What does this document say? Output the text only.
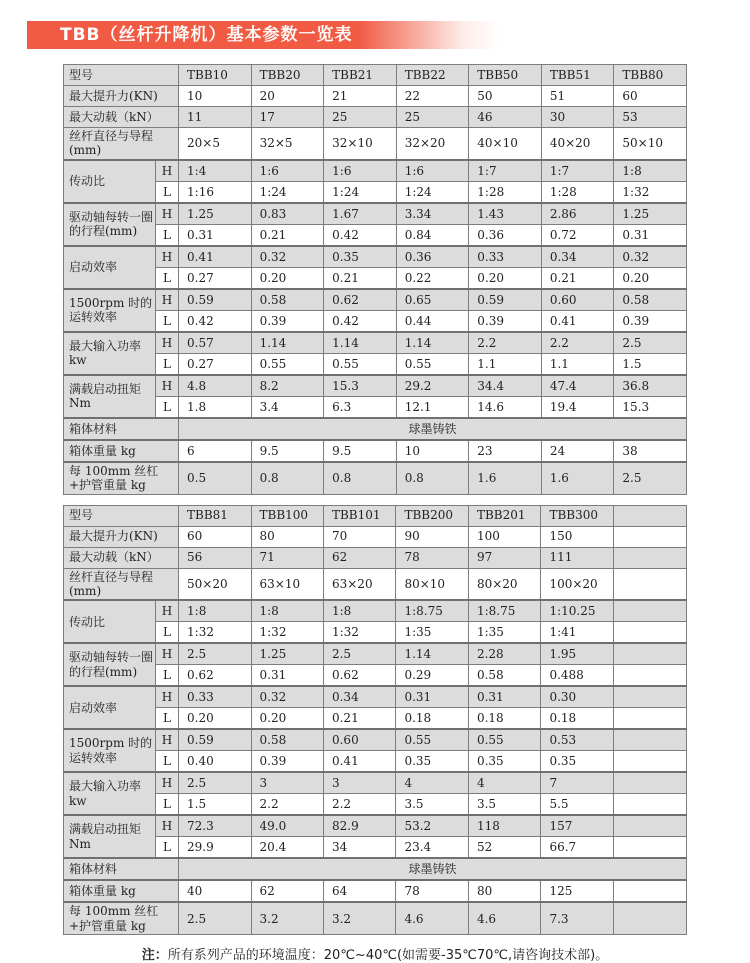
TBB（丝杆升降机）基本参数一览表
型号		TBB10	TBB20	TBB21	TBB22	TBB50	TBB51	TBB80
最大提升力(KN)		10	20	21	22	50	51	60
最大动载（kN）		11	17	25	25	46	30	53
丝杆直径与导程(mm)		20×5	32×5	32×10	32×20	40×10	40×20	50×10
传动比	H	1:4	1:6	1:6	1:6	1:7	1:7	1:8
	L	1:16	1:24	1:24	1:24	1:28	1:28	1:32
驱动轴每转一圈的行程(mm)	H	1.25	0.83	1.67	3.34	1.43	2.86	1.25
	L	0.31	0.21	0.42	0.84	0.36	0.72	0.31
启动效率	H	0.41	0.32	0.35	0.36	0.33	0.34	0.32
	L	0.27	0.20	0.21	0.22	0.20	0.21	0.20
1500rpm 时的运转效率	H	0.59	0.58	0.62	0.65	0.59	0.60	0.58
	L	0.42	0.39	0.42	0.44	0.39	0.41	0.39
最大输入功率 kw	H	0.57	1.14	1.14	1.14	2.2	2.2	2.5
	L	0.27	0.55	0.55	0.55	1.1	1.1	1.5
满载启动扭矩 Nm	H	4.8	8.2	15.3	29.2	34.4	47.4	36.8
	L	1.8	3.4	6.3	12.1	14.6	19.4	15.3
箱体材料		球墨铸铁						
箱体重量 kg		6	9.5	9.5	10	23	24	38
每 100mm 丝杠+护管重量 kg		0.5	0.8	0.8	0.8	1.6	1.6	2.5
型号		TBB81	TBB100	TBB101	TBB200	TBB201	TBB300	
最大提升力(KN)		60	80	70	90	100	150	
最大动载（kN）		56	71	62	78	97	111	
丝杆直径与导程(mm)		50×20	63×10	63×20	80×10	80×20	100×20	
传动比	H	1:8	1:8	1:8	1:8.75	1:8.75	1:10.25	
	L	1:32	1:32	1:32	1:35	1:35	1:41	
驱动轴每转一圈的行程(mm)	H	2.5	1.25	2.5	1.14	2.28	1.95	
	L	0.62	0.31	0.62	0.29	0.58	0.488	
启动效率	H	0.33	0.32	0.34	0.31	0.31	0.30	
	L	0.20	0.20	0.21	0.18	0.18	0.18	
1500rpm 时的运转效率	H	0.59	0.58	0.60	0.55	0.55	0.53	
	L	0.40	0.39	0.41	0.35	0.35	0.35	
最大输入功率 kw	H	2.5	3	3	4	4	7	
	L	1.5	2.2	2.2	3.5	3.5	5.5	
满载启动扭矩 Nm	H	72.3	49.0	82.9	53.2	118	157	
	L	29.9	20.4	34	23.4	52	66.7	
箱体材料		球墨铸铁						
箱体重量 kg		40	62	64	78	80	125	
每 100mm 丝杠+护管重量 kg		2.5	3.2	3.2	4.6	4.6	7.3	
注：所有系列产品的环境温度：20℃~40℃(如需要-35℃70℃,请咨询技术部)。
